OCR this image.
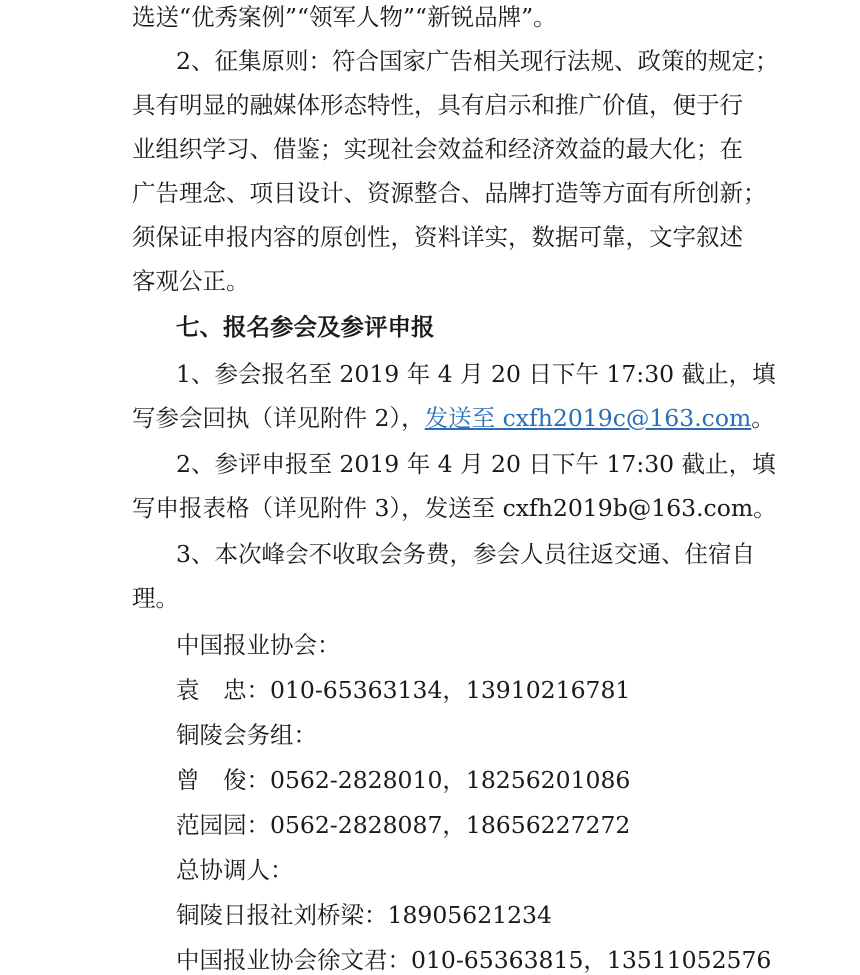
选送“优秀案例”“领军人物”“新锐品牌”。
2、征集原则：符合国家广告相关现行法规、政策的规定；
具有明显的融媒体形态特性，具有启示和推广价值，便于行
业组织学习、借鉴；实现社会效益和经济效益的最大化；在
广告理念、项目设计、资源整合、品牌打造等方面有所创新；
须保证申报内容的原创性，资料详实，数据可靠，文字叙述
客观公正。
七、报名参会及参评申报
1、参会报名至 2019 年 4 月 20 日下午 17:30 截止，填
写参会回执（详见附件 2），发送至 cxfh2019c@163.com。
2、参评申报至 2019 年 4 月 20 日下午 17:30 截止，填
写申报表格（详见附件 3），发送至 cxfh2019b@163.com。
3、本次峰会不收取会务费，参会人员往返交通、住宿自
理。
中国报业协会：
袁　忠：010-65363134，13910216781
铜陵会务组：
曾　俊：0562-2828010，18256201086
范园园：0562-2828087，18656227272
总协调人：
铜陵日报社刘桥梁：18905621234
中国报业协会徐文君：010-65363815，13511052576
